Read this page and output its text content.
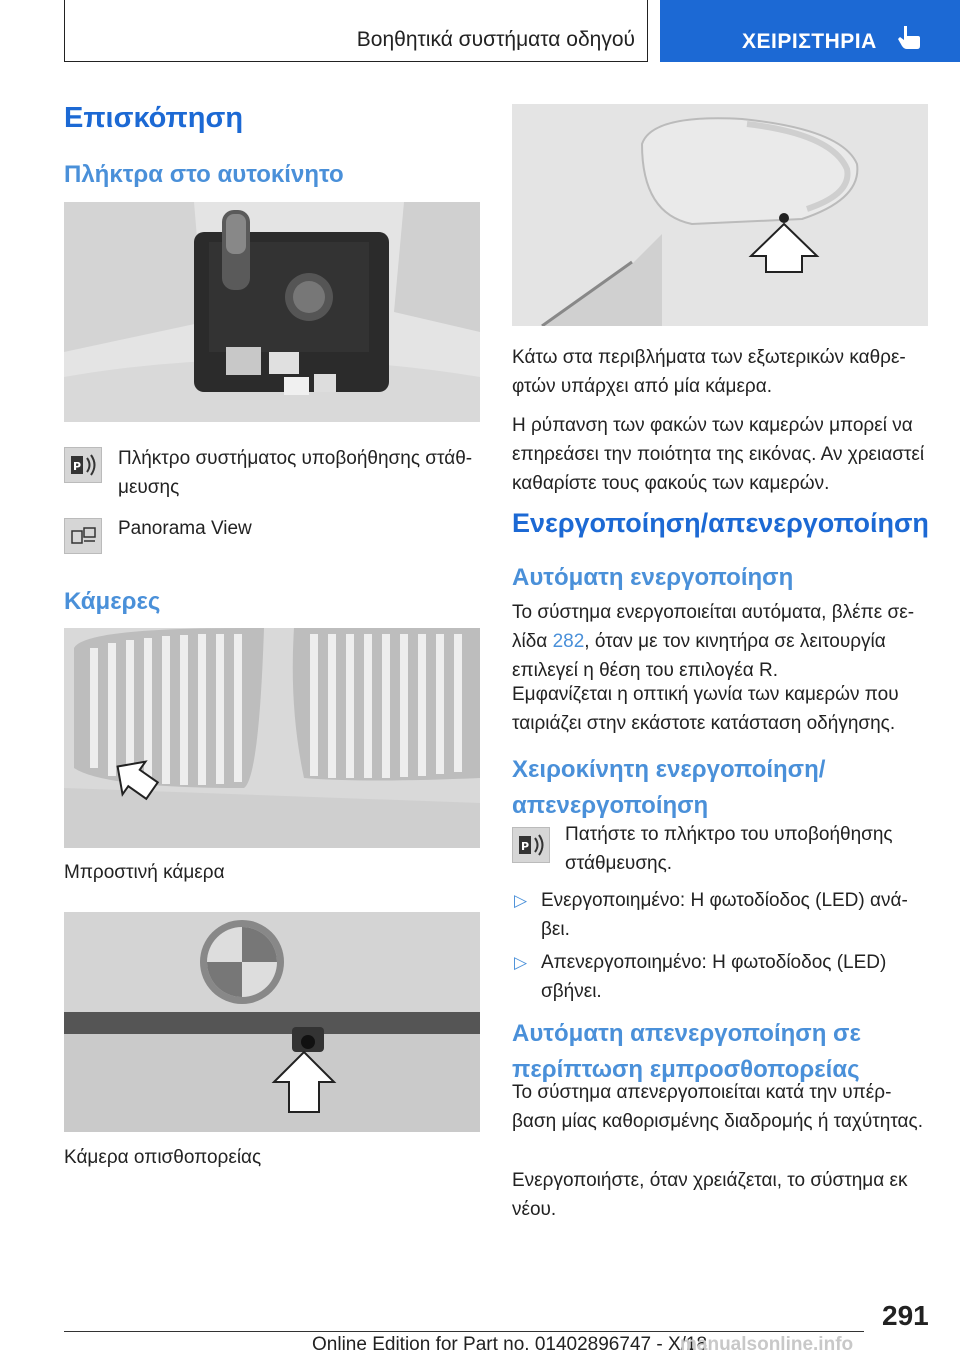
Βοηθητικά συστήματα οδηγού	ΧΕΙΡΙΣΤΗΡΙΑ
Επισκόπηση
Πλήκτρα στο αυτοκίνητο
P Πλήκτρο συστήματος υποβοήθησης στάθμευσης
Panorama View
Κάμερες
Μπροστινή κάμερα
Κάμερα οπισθοπορείας
Κάτω στα περιβλήματα των εξωτερικών καθρεφτών υπάρχει από μία κάμερα.
Η ρύπανση των φακών των καμερών μπορεί να επηρεάσει την ποιότητα της εικόνας. Αν χρειαστεί καθαρίστε τους φακούς των καμερών.
Ενεργοποίηση/απενεργοποίηση
Αυτόματη ενεργοποίηση
Το σύστημα ενεργοποιείται αυτόματα, βλέπε σελίδα 282, όταν με τον κινητήρα σε λειτουργία επιλεγεί η θέση του επιλογέα R.
Εμφανίζεται η οπτική γωνία των καμερών που ταιριάζει στην εκάστοτε κατάσταση οδήγησης.
Χειροκίνητη ενεργοποίηση/
απενεργοποίηση
P
Πατήστε το πλήκτρο του υποβοήθησης στάθμευσης.
▷ Ενεργοποιημένο: Η φωτοδίοδος (LED) ανάβει.
▷ Απενεργοποιημένο: Η φωτοδίοδος (LED) σβήνει.
Αυτόματη απενεργοποίηση σε
περίπτωση εμπροσθοπορείας
Το σύστημα απενεργοποιείται κατά την υπέρβαση μίας καθορισμένης διαδρομής ή ταχύτητας.
Ενεργοποιήστε, όταν χρειάζεται, το σύστημα εκ νέου.
291
Online Edition for Part no. 01402896747 - X/18
manualsonline.info
